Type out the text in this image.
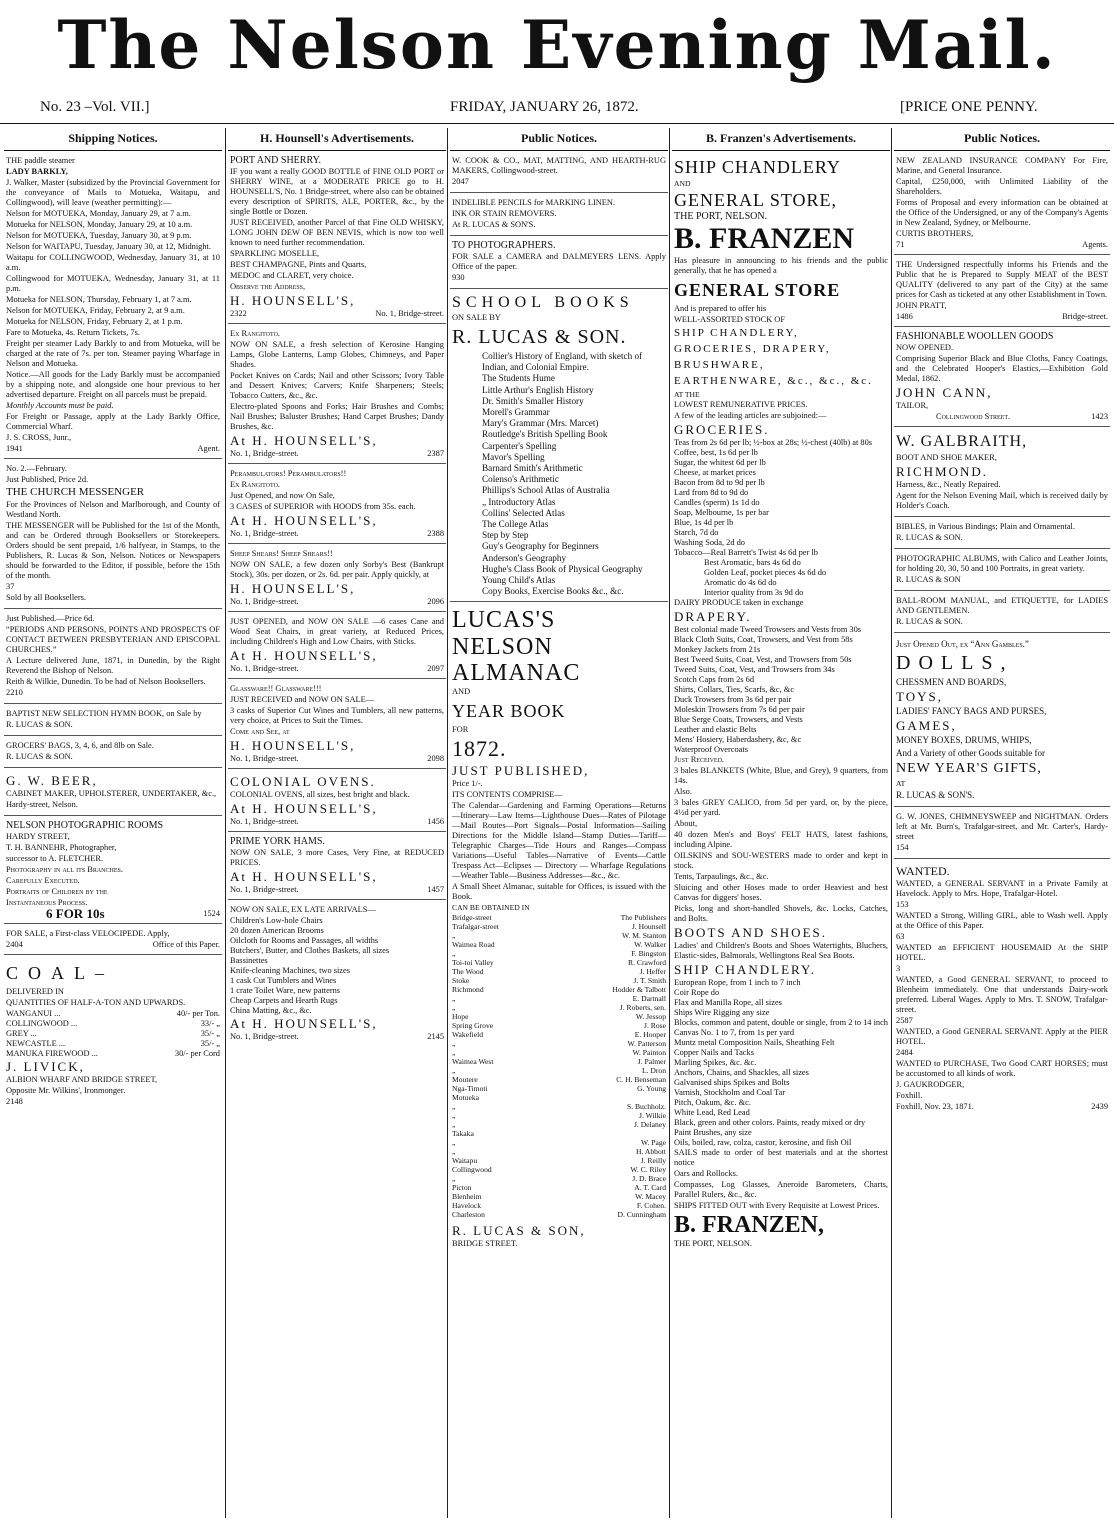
The Nelson Evening Mail.
No. 23 –Vol. VII.]	FRIDAY, JANUARY 26, 1872.	[PRICE ONE PENNY.
Shipping Notices.

THE paddle steamer

LADY BARKLY,

J. Walker, Master (subsidized by the Provincial Government for the conveyance of Mails to Motueka, Waitapu, and Collingwood), will leave (weather permitting):—

Nelson for MOTUEKA, Monday, January 29, at 7 a.m.

Motueka for NELSON, Monday, January 29, at 10 a.m.

Nelson for MOTUEKA, Tuesday, January 30, at 9 p.m.

Nelson for WAITAPU, Tuesday, January 30, at 12, Midnight.

Waitapu for COLLINGWOOD, Wednesday, January 31, at 10 a.m.

Collingwood for MOTUEKA, Wednesday, January 31, at 11 p.m.

Motueka for NELSON, Thursday, February 1, at 7 a.m.

Nelson for MOTUEKA, Friday, February 2, at 9 a.m.

Motueka for NELSON, Friday, February 2, at 1 p.m.

Fare to Motueka, 4s. Return Tickets, 7s.

Freight per steamer Lady Barkly to and from Motueka, will be charged at the rate of 7s. per ton. Steamer paying Wharfage in Nelson and Motueka.

Notice.—All goods for the Lady Barkly must be accompanied by a shipping note, and alongside one hour previous to her advertised departure. Freight on all parcels must be prepaid.

Monthly Accounts must be paid.

For Freight or Passage, apply at the Lady Barkly Office, Commercial Wharf.

J. S. CROSS, Junr.,

1941	Agent.

No. 2.—February.

Just Published, Price 2d.

THE CHURCH MESSENGER

For the Provinces of Nelson and Marlborough, and County of Westland North.

THE MESSENGER will be Published for the 1st of the Month, and can be Ordered through Booksellers or Storekeepers. Orders should be sent prepaid, 1/6 halfyear, in Stamps, to the Publishers, R. Lucas & Son, Nelson. Notices or Newspapers should be forwarded to the Editor, if possible, before the 15th of the month.

37

Sold by all Booksellers.

Just Published.—Price 6d.

“PERIODS AND PERSONS, POINTS AND PROSPECTS OF CONTACT BETWEEN PRESBYTERIAN AND EPISCOPAL CHURCHES.”

A Lecture delivered June, 1871, in Dunedin, by the Right Reverend the Bishop of Nelson.

Reith & Wilkie, Dunedin. To be had of Nelson Booksellers.

2210

BAPTIST NEW SELECTION HYMN BOOK, on Sale by

R. LUCAS & SON.

GROCERS' BAGS, 3, 4, 6, and 8lb on Sale.

R. LUCAS & SON.

G. W. BEER,

CABINET MAKER, UPHOLSTERER, UNDERTAKER, &c.,

Hardy-street, Nelson.

NELSON PHOTOGRAPHIC ROOMS

HARDY STREET,

T. H. BANNEHR, Photographer,

successor to A. FLETCHER.

Photography in all its Branches.

Carefully Executed.

Portraits of Children by the

Instantaneous Process.

6 FOR 10s	1524

FOR SALE, a First-class VELOCIPEDE. Apply,

2404	Office of this Paper.

COAL–

DELIVERED IN

QUANTITIES OF HALF-A-TON AND UPWARDS.

WANGANUI ...	40/- per Ton.
COLLINGWOOD ...	33/- „
GREY ...	35/- „
NEWCASTLE ...	35/- „
MANUKA FIREWOOD ...	30/- per Cord

J. LIVICK,

ALBION WHARF AND BRIDGE STREET,

Opposite Mr. Wilkins', Ironmonger.

2148

H. Hounsell's Advertisements.

PORT AND SHERRY.

IF you want a really GOOD BOTTLE of FINE OLD PORT or SHERRY WINE, at a MODERATE PRICE go to H. HOUNSELL'S, No. 1 Bridge-street, where also can be obtained every description of SPIRITS, ALE, PORTER, &c., by the single Bottle or Dozen.

JUST RECEIVED, another Parcel of that Fine OLD WHISKY, LONG JOHN DEW OF BEN NEVIS, which is now too well known to need further recommendation.

SPARKLING MOSELLE,

BEST CHAMPAGNE, Pints and Quarts,

MEDOC and CLARET, very choice.

Observe the Address,

H. HOUNSELL'S,

2322	No. 1, Bridge-street.

Ex Rangitoto.

NOW ON SALE, a fresh selection of Kerosine Hanging Lamps, Globe Lanterns, Lamp Globes, Chimneys, and Paper Shades.

Pocket Knives on Cards; Nail and other Scissors; Ivory Table and Dessert Knives; Carvers; Knife Sharpeners; Steels; Tobacco Cutters, &c., &c.

Electro-plated Spoons and Forks; Hair Brushes and Combs; Nail Brushes; Baluster Brushes; Hand Carpet Brushes; Dandy Brushes, &c.

At H. HOUNSELL'S,

No. 1, Bridge-street.	2387

Perambulators! Perambulators!!

Ex Rangitoto.

Just Opened, and now On Sale,

3 CASES of SUPERIOR with HOODS from 35s. each.

At H. HOUNSELL'S,

No. 1, Bridge-street.	2388

Sheep Shears! Sheep Shears!!

NOW ON SALE, a few dozen only Sorby's Best (Bankrupt Stock), 30s. per dozen, or 2s. 6d. per pair. Apply quickly, at

H. HOUNSELL'S,

No. 1, Bridge-street.	2096

JUST OPENED, and NOW ON SALE —6 cases Cane and Wood Seat Chairs, in great variety, at Reduced Prices, including Children's High and Low Chairs, with Sticks.

At H. HOUNSELL'S,

No. 1, Bridge-street.	2097

Glassware!! Glassware!!!

JUST RECEIVED and NOW ON SALE—

3 casks of Superior Cut Wines and Tumblers, all new patterns, very choice, at Prices to Suit the Times.

Come and See, at

H. HOUNSELL'S,

No. 1, Bridge-street.	2098

COLONIAL OVENS.

COLONIAL OVENS, all sizes, best bright and black.

At H. HOUNSELL'S,

No. 1, Bridge-street.	1456

PRIME YORK HAMS.

NOW ON SALE, 3 more Cases, Very Fine, at REDUCED PRICES.

At H. HOUNSELL'S,

No. 1, Bridge-street.	1457

NOW ON SALE, EX LATE ARRIVALS—

Children's Low-hole Chairs
20 dozen American Brooms
Oilcloth for Rooms and Passages, all widths
Butchers', Butter, and Clothes Baskets, all sizes
Bassinettes
Knife-cleaning Machines, two sizes
1 cask Cut Tumblers and Wines
1 crate Toilet Ware, new patterns
Cheap Carpets and Hearth Rugs
China Matting, &c., &c.

At H. HOUNSELL'S,

No. 1, Bridge-street.	2145
Public Notices.

W. COOK & CO., MAT, MATTING, AND HEARTH-RUG MAKERS, Collingwood-street.

2047

INDELIBLE PENCILS for MARKING LINEN.

INK OR STAIN REMOVERS.

At R. LUCAS & SON'S.

TO PHOTOGRAPHERS.

FOR SALE a CAMERA and DALMEYERS LENS. Apply Office of the paper.

930

SCHOOL BOOKS

ON SALE BY

R. LUCAS & SON.

Collier's History of England, with sketch of Indian, and Colonial Empire.
The Students Hume
Little Arthur's English History
Dr. Smith's Smaller History
Morell's Grammar
Mary's Grammar (Mrs. Marcet)
Routledge's British Spelling Book
Carpenter's Spelling
Mavor's Spelling
Barnard Smith's Arithmetic
Colenso's Arithmetic
Phillips's School Atlas of Australia
„ Introductory Atlas
Collins' Selected Atlas
The College Atlas
Step by Step
Guy's Geography for Beginners
Anderson's Geography
Hughe's Class Book of Physical Geography
Young Child's Atlas
Copy Books, Exercise Books &c., &c.

LUCAS'S

NELSON ALMANAC

AND

YEAR BOOK

FOR

1872.

JUST PUBLISHED,

Price 1/-.

ITS CONTENTS COMPRISE—

The Calendar—Gardening and Farming Operations—Returns—Itinerary—Law Items—Lighthouse Dues—Rates of Pilotage—Mail Routes—Port Signals—Postal Information—Sailing Directions for the Middle Island—Stamp Duties—Tariff—Telegraphic Charges—Tide Hours and Ranges—Compass Variations—Useful Tables—Narrative of Events—Cattle Trespass Act—Eclipses — Directory — Wharfage Regulations—Weather Table—Business Addresses—&c., &c.

A Small Sheet Almanac, suitable for Offices, is issued with the Book.

CAN BE OBTAINED IN

Bridge-street	The Publishers
Trafalgar-street	J. Hounsell
„	W. M. Stanton
Waimea Road	W. Walker
„	F. Bingston
Toi-toi Valley	R. Crawford
The Wood	J. Heffer
Stoke	J. T. Smith
Richmond	Hodder & Talbott
„	E. Dartnall
„	J. Roberts, sen.
Hope	W. Jessop
Spring Grove	J. Rose
Wakefield	E. Hooper
„	W. Patterson
„	W. Painton
Waimea West	J. Palmer
„	L. Dron
Moutere	C. H. Benseman
Nga-Timoti	G. Young
Motueka
„	S. Buchholz.
„	J. Wilkie
„	J. Delaney
Takaka
„	W. Page
„	H. Abbott
Waitapu	J. Reilly
Collingwood	W. C. Riley
„	J. D. Brace
Picton	A. T. Card
Blenheim	W. Macey
Havelock	F. Cohen.
Charleston	D. Cunningham

R. LUCAS & SON,

BRIDGE STREET.

B. Franzen's Advertisements.

SHIP CHANDLERY

AND

GENERAL STORE,

THE PORT, NELSON.

B. FRANZEN

Has pleasure in announcing to his friends and the public generally, that he has opened a

GENERAL STORE

And is prepared to offer his

WELL-ASSORTED STOCK OF

SHIP CHANDLERY,

GROCERIES, DRAPERY,

BRUSHWARE,

EARTHENWARE, &c., &c., &c.

AT THE

LOWEST REMUNERATIVE PRICES.

A few of the leading articles are subjoined:—

GROCERIES.

Teas from 2s 6d per lb; ½-box at 28s; ½-chest (40lb) at 80s
Coffee, best, 1s 6d per lb
Sugar, the whitest 6d per lb
Cheese, at market prices
Bacon from 8d to 9d per lb
Lard from 8d to 9d do
Candles (sperm) 1s 1d do
Soap, Melbourne, 1s per bar
Blue, 1s 4d per lb
Starch, 7d do
Washing Soda, 2d do
Tobacco—Real Barrett's Twist 4s 6d per lb
Best Aromatic, bars 4s 6d do
Golden Leaf, pocket pieces 4s 6d do
Aromatic do 4s 6d do
Interior quality from 3s 9d do

DAIRY PRODUCE taken in exchange

DRAPERY.

Best colonial made Tweed Trowsers and Vests from 30s
Black Cloth Suits, Coat, Trowsers, and Vest from 58s
Monkey Jackets from 21s
Best Tweed Suits, Coat, Vest, and Trowsers from 50s
Tweed Suits, Coat, Vest, and Trowsers from 34s
Scotch Caps from 2s 6d
Shirts, Collars, Ties, Scarfs, &c, &c
Duck Trowsers from 3s 6d per pair
Moleskin Trowsers from 7s 6d per pair
Blue Serge Coats, Trowsers, and Vests
Leather and elastic Belts
Mens' Hosiery, Haberdashery, &c, &c
Waterproof Overcoats

Just Received.

3 bales BLANKETS (White, Blue, and Grey), 9 quarters, from 14s.

Also.

3 bales GREY CALICO, from 5d per yard, or, by the piece, 4½d per yard.

About,

40 dozen Men's and Boys' FELT HATS, latest fashions, including Alpine.

OILSKINS and SOU-WESTERS made to order and kept in stock.

Tents, Tarpaulings, &c., &c.

Sluicing and other Hoses made to order Heaviest and best Canvas for diggers' hoses.

Picks, long and short-handled Shovels, &c. Locks, Catches, and Bolts.

BOOTS AND SHOES.

Ladies' and Children's Boots and Shoes Watertights, Bluchers, Elastic-sides, Balmorals, Wellingtons Real Sea Boots.

SHIP CHANDLERY.

European Rope, from 1 inch to 7 inch
Coir Rope do
Flax and Manilla Rope, all sizes
Ships Wire Rigging any size
Blocks, common and patent, double or single, from 2 to 14 inch
Canvas No. 1 to 7, from 1s per yard
Muntz metal Composition Nails, Sheathing Felt
Copper Nails and Tacks
Marling Spikes, &c. &c.
Anchors, Chains, and Shackles, all sizes
Galvanised ships Spikes and Bolts
Varnish, Stockholm and Coal Tar
Pitch, Oakum, &c. &c.
White Lead, Red Lead
Black, green and other colors. Paints, ready mixed or dry
Paint Brushes, any size
Oils, boiled, raw, colza, castor, kerosine, and fish Oil

SAILS made to order of best materials and at the shortest notice

Oars and Rollocks.

Compasses, Log Glasses, Aneroide Barometers, Charts, Parallel Rulers, &c., &c.

SHIPS FITTED OUT with Every Requisite at Lowest Prices.

B. FRANZEN,

THE PORT, NELSON.

Public Notices.

NEW ZEALAND INSURANCE COMPANY For Fire, Marine, and General Insurance.

Capital, £250,000, with Unlimited Liability of the Shareholders.

Forms of Proposal and every information can be obtained at the Office of the Undersigned, or any of the Company's Agents in New Zealand, Sydney, or Melbourne.

CURTIS BROTHERS,

71	Agents.

THE Undersigned respectfully informs his Friends and the Public that he is Prepared to Supply MEAT of the BEST QUALITY (delivered to any part of the City) at the same prices for Cash as ticketed at any other Establishment in Town.

JOHN PRATT,

1486	Bridge-street.

FASHIONABLE WOOLLEN GOODS

NOW OPENED.

Comprising Superior Black and Blue Cloths, Fancy Coatings, and the Celebrated Hooper's Elastics,—Exhibition Gold Medal, 1862.

JOHN CANN,

TAILOR,

Collingwood Street.	1423

W. GALBRAITH,

BOOT AND SHOE MAKER,

RICHMOND.

Harness, &c., Neatly Repaired.

Agent for the Nelson Evening Mail, which is received daily by Holder's Coach.

BIBLES, in Various Bindings; Plain and Ornamental.

R. LUCAS & SON.

PHOTOGRAPHIC ALBUMS, with Calico and Leather Joints, for holding 20, 30, 50 and 100 Portraits, in great variety.

R. LUCAS & SON

BALL-ROOM MANUAL, and ETIQUETTE, for LADIES AND GENTLEMEN.

R. LUCAS & SON.

Just Opened Out, ex “Ann Gambles.”

DOLLS,

CHESSMEN AND BOARDS,

TOYS,

LADIES' FANCY BAGS AND PURSES,

GAMES,

MONEY BOXES, DRUMS, WHIPS,

And a Variety of other Goods suitable for

NEW YEAR'S GIFTS,

AT

R. LUCAS & SON'S.

G. W. JONES, CHIMNEYSWEEP and NIGHTMAN. Orders left at Mr. Burn's, Trafalgar-street, and Mr. Carter's, Hardy-street

154

WANTED.

WANTED, a GENERAL SERVANT in a Private Family at Havelock. Apply to Mrs. Hope, Trafalgar-Hotel.

153

WANTED a Strong, Willing GIRL, able to Wash well. Apply at the Office of this Paper.

63

WANTED an EFFICIENT HOUSEMAID At the SHIP HOTEL.

3

WANTED, a Good GENERAL SERVANT, to proceed to Blenheim immediately. One that understands Dairy-work preferred. Liberal Wages. Apply to Mrs. T. SNOW, Trafalgar-street.

2587

WANTED, a Good GENERAL SERVANT. Apply at the PIER HOTEL.

2484

WANTED to PURCHASE, Two Good CART HORSES; must be accustomed to all kinds of work.

J. GAUKRODGER,

Foxhill.

Foxhill, Nov. 23, 1871.	2439
